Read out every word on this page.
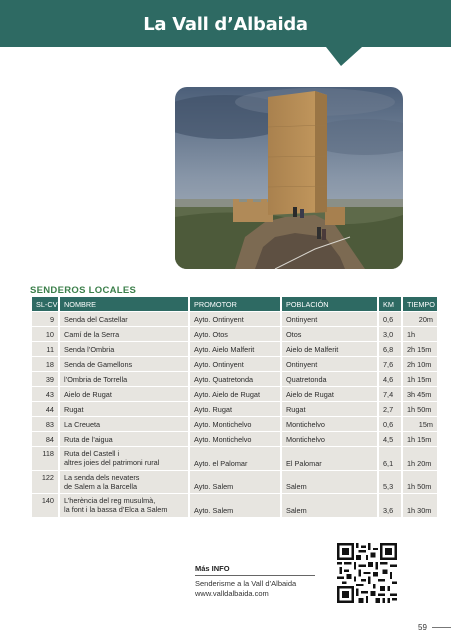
La Vall d’Albaida
SENDEROS LOCALES
SL-CV	NOMBRE	PROMOTOR	POBLACIÓN	KM	TIEMPO
9	Senda del Castellar	Ayto. Ontinyent	Ontinyent	0,6	20m
10	Camí de la Serra	Ayto. Otos	Otos	3,0	1h
11	Senda l’Ombria	Ayto. Aielo Malferit	Aielo de Malferit	6,8	2h 15m
18	Senda de Gamellons	Ayto. Ontinyent	Ontinyent	7,6	2h 10m
39	l’Ombria de Torrella	Ayto. Quatretonda	Quatretonda	4,6	1h 15m
43	Aielo de Rugat	Ayto. Aielo de Rugat	Aielo de Rugat	7,4	3h 45m
44	Rugat	Ayto. Rugat	Rugat	2,7	1h 50m
83	La Creueta	Ayto. Montichelvo	Montichelvo	0,6	15m
84	Ruta de l’aigua	Ayto. Montichelvo	Montichelvo	4,5	1h 15m
118	Ruta del Castell i
altres joies del patrimoni rural	Ayto. el Palomar	El Palomar	6,1	1h 20m
122	La senda dels nevaters
de Salem a la Barcella	Ayto. Salem	Salem	5,3	1h 50m
140	L’herència del reg musulmà,
la font i la bassa d’Elca a Salem	Ayto. Salem	Salem	3,6	1h 30m
Más INFO
Senderisme a la Vall d’Albaida
www.valldalbaida.com
59
